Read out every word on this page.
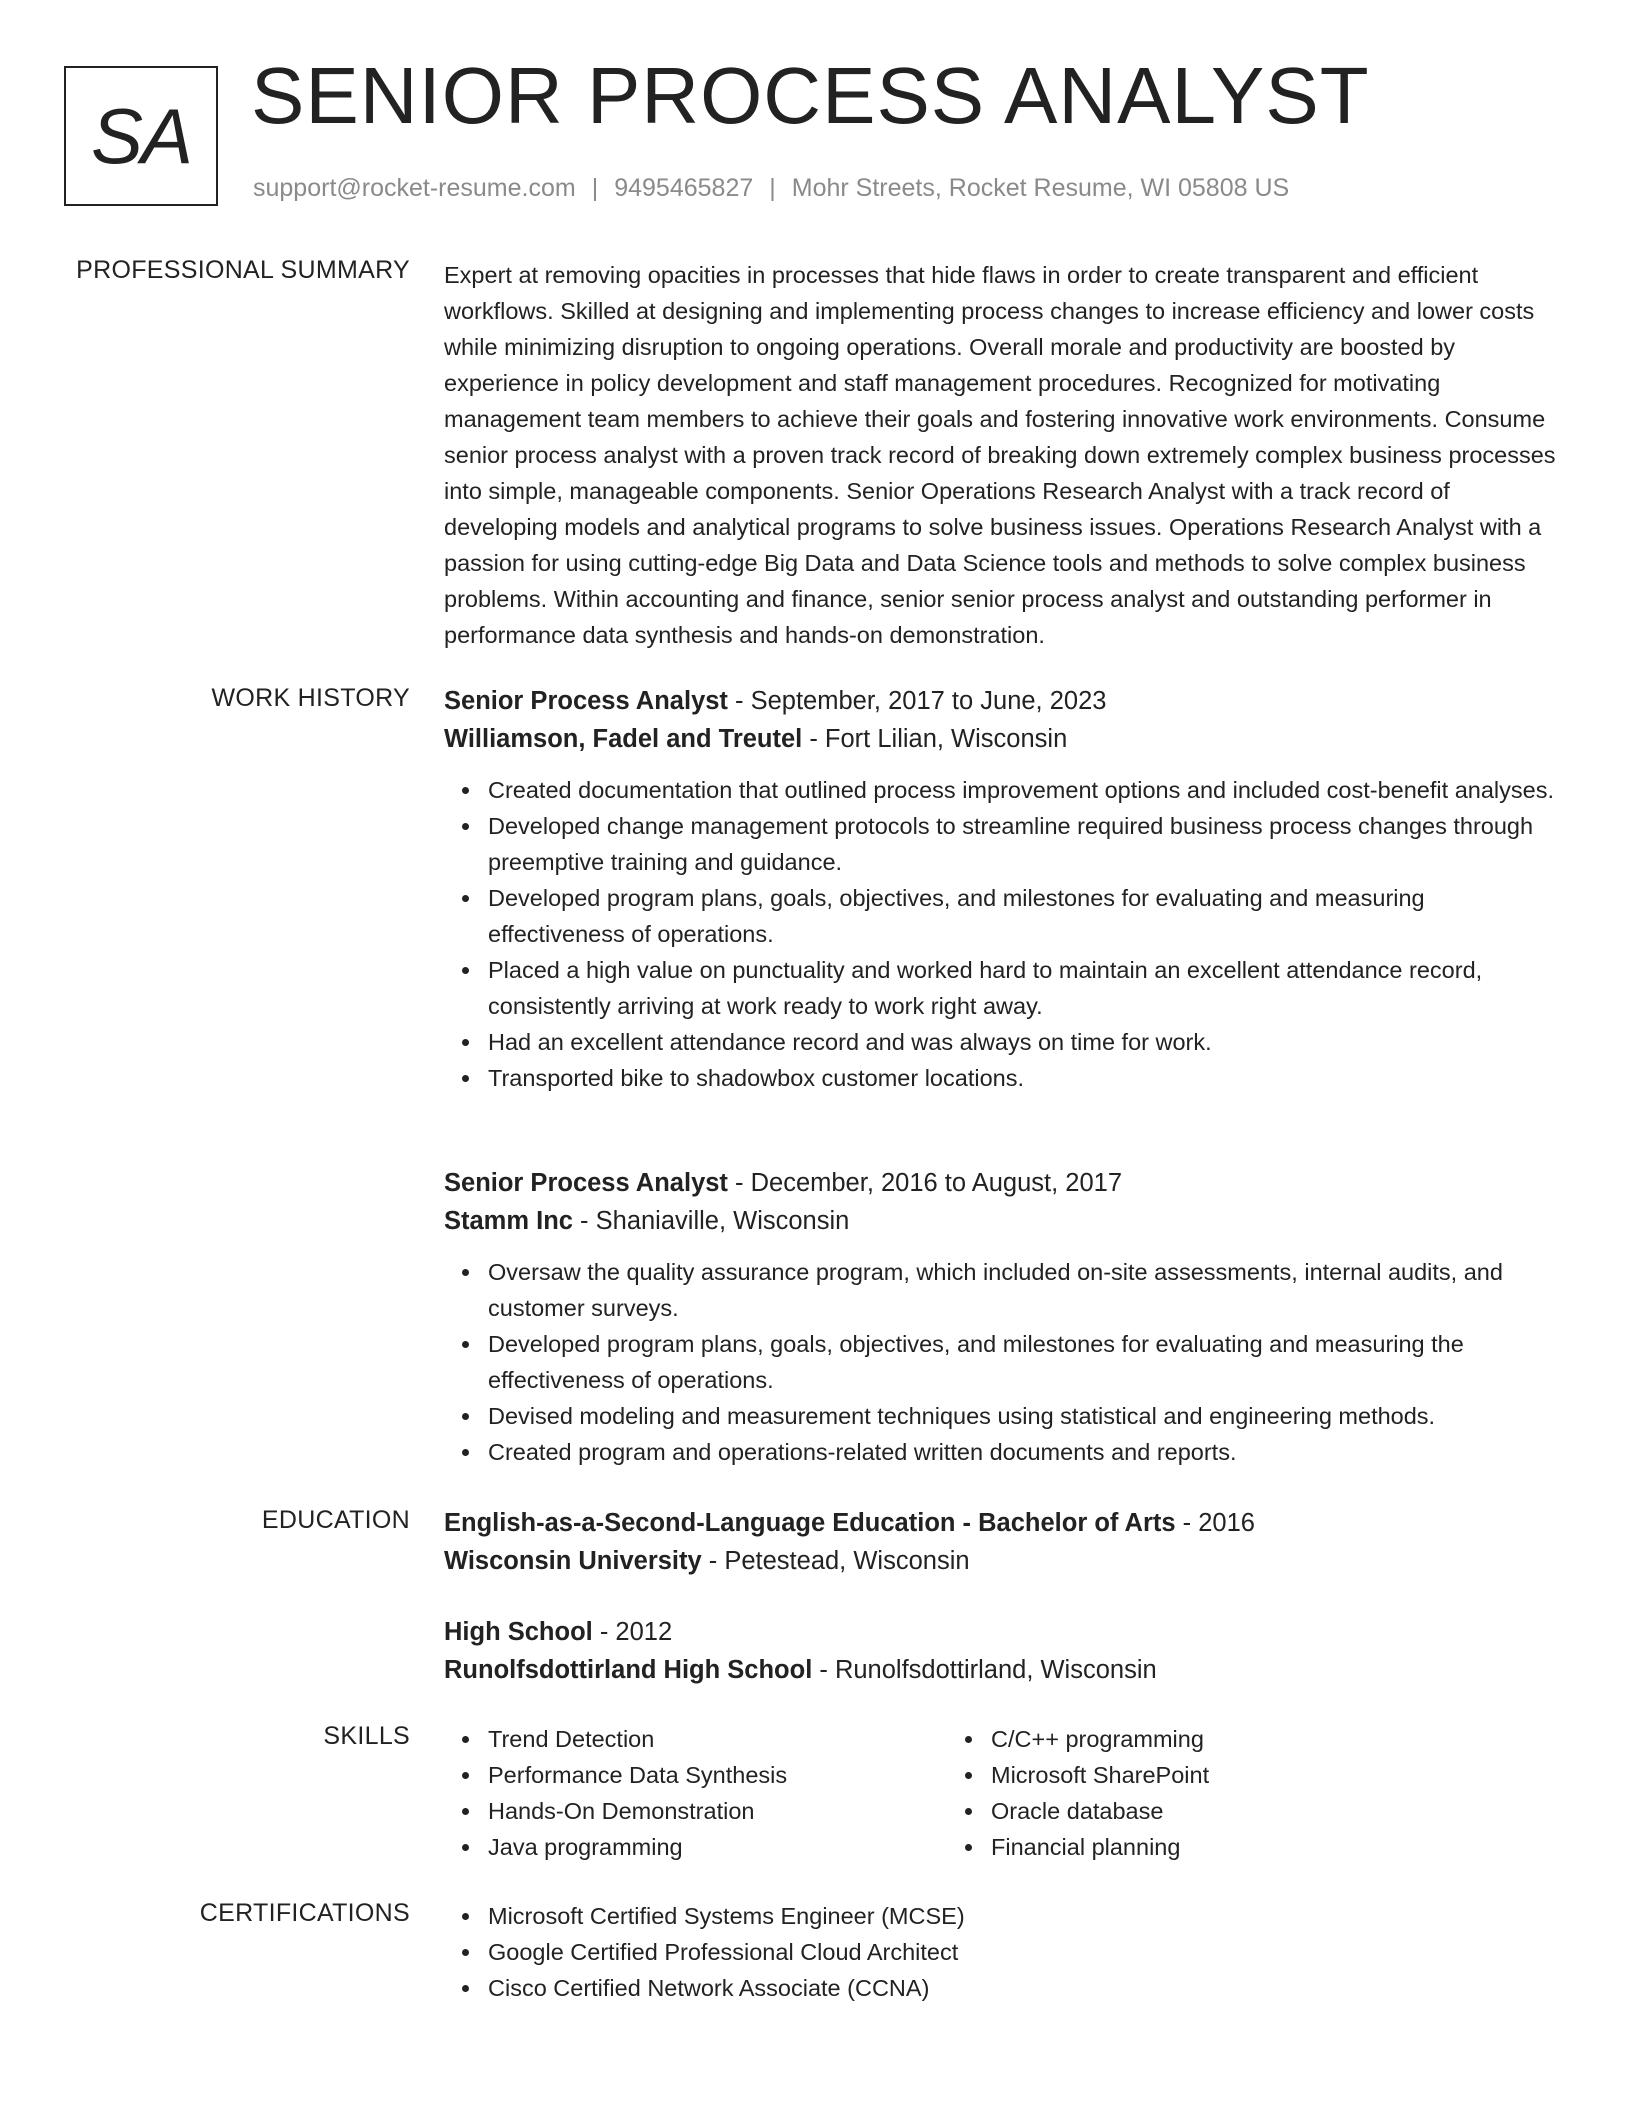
SA SENIOR PROCESS ANALYST
support@rocket-resume.com | 9495465827 | Mohr Streets, Rocket Resume, WI 05808 US
PROFESSIONAL SUMMARY Expert at removing opacities in processes that hide flaws in order to create transparent and efficient workflows. Skilled at designing and implementing process changes to increase efficiency and lower costs while minimizing disruption to ongoing operations. Overall morale and productivity are boosted by experience in policy development and staff management procedures. Recognized for motivating management team members to achieve their goals and fostering innovative work environments. Consume senior process analyst with a proven track record of breaking down extremely complex business processes into simple, manageable components. Senior Operations Research Analyst with a track record of developing models and analytical programs to solve business issues. Operations Research Analyst with a passion for using cutting-edge Big Data and Data Science tools and methods to solve complex business problems. Within accounting and finance, senior senior process analyst and outstanding performer in performance data synthesis and hands-on demonstration.

WORK HISTORY Senior Process Analyst - September, 2017 to June, 2023
Williamson, Fadel and Treutel - Fort Lilian, Wisconsin
Created documentation that outlined process improvement options and included cost-benefit analyses.
Developed change management protocols to streamline required business process changes through preemptive training and guidance.
Developed program plans, goals, objectives, and milestones for evaluating and measuring effectiveness of operations.
Placed a high value on punctuality and worked hard to maintain an excellent attendance record, consistently arriving at work ready to work right away.
Had an excellent attendance record and was always on time for work.
Transported bike to shadowbox customer locations.
Senior Process Analyst - December, 2016 to August, 2017
Stamm Inc - Shaniaville, Wisconsin
Oversaw the quality assurance program, which included on-site assessments, internal audits, and customer surveys.
Developed program plans, goals, objectives, and milestones for evaluating and measuring the effectiveness of operations.
Devised modeling and measurement techniques using statistical and engineering methods.
Created program and operations-related written documents and reports.
EDUCATION English-as-a-Second-Language Education - Bachelor of Arts - 2016
Wisconsin University - Petestead, Wisconsin
High School - 2012
Runolfsdottirland High School - Runolfsdottirland, Wisconsin
SKILLS	Trend Detection
Performance Data Synthesis
Hands-On Demonstration
Java programming
C/C++ programming
Microsoft SharePoint
Oracle database
Financial planning
CERTIFICATIONS	Microsoft Certified Systems Engineer (MCSE)
Google Certified Professional Cloud Architect
Cisco Certified Network Associate (CCNA)
